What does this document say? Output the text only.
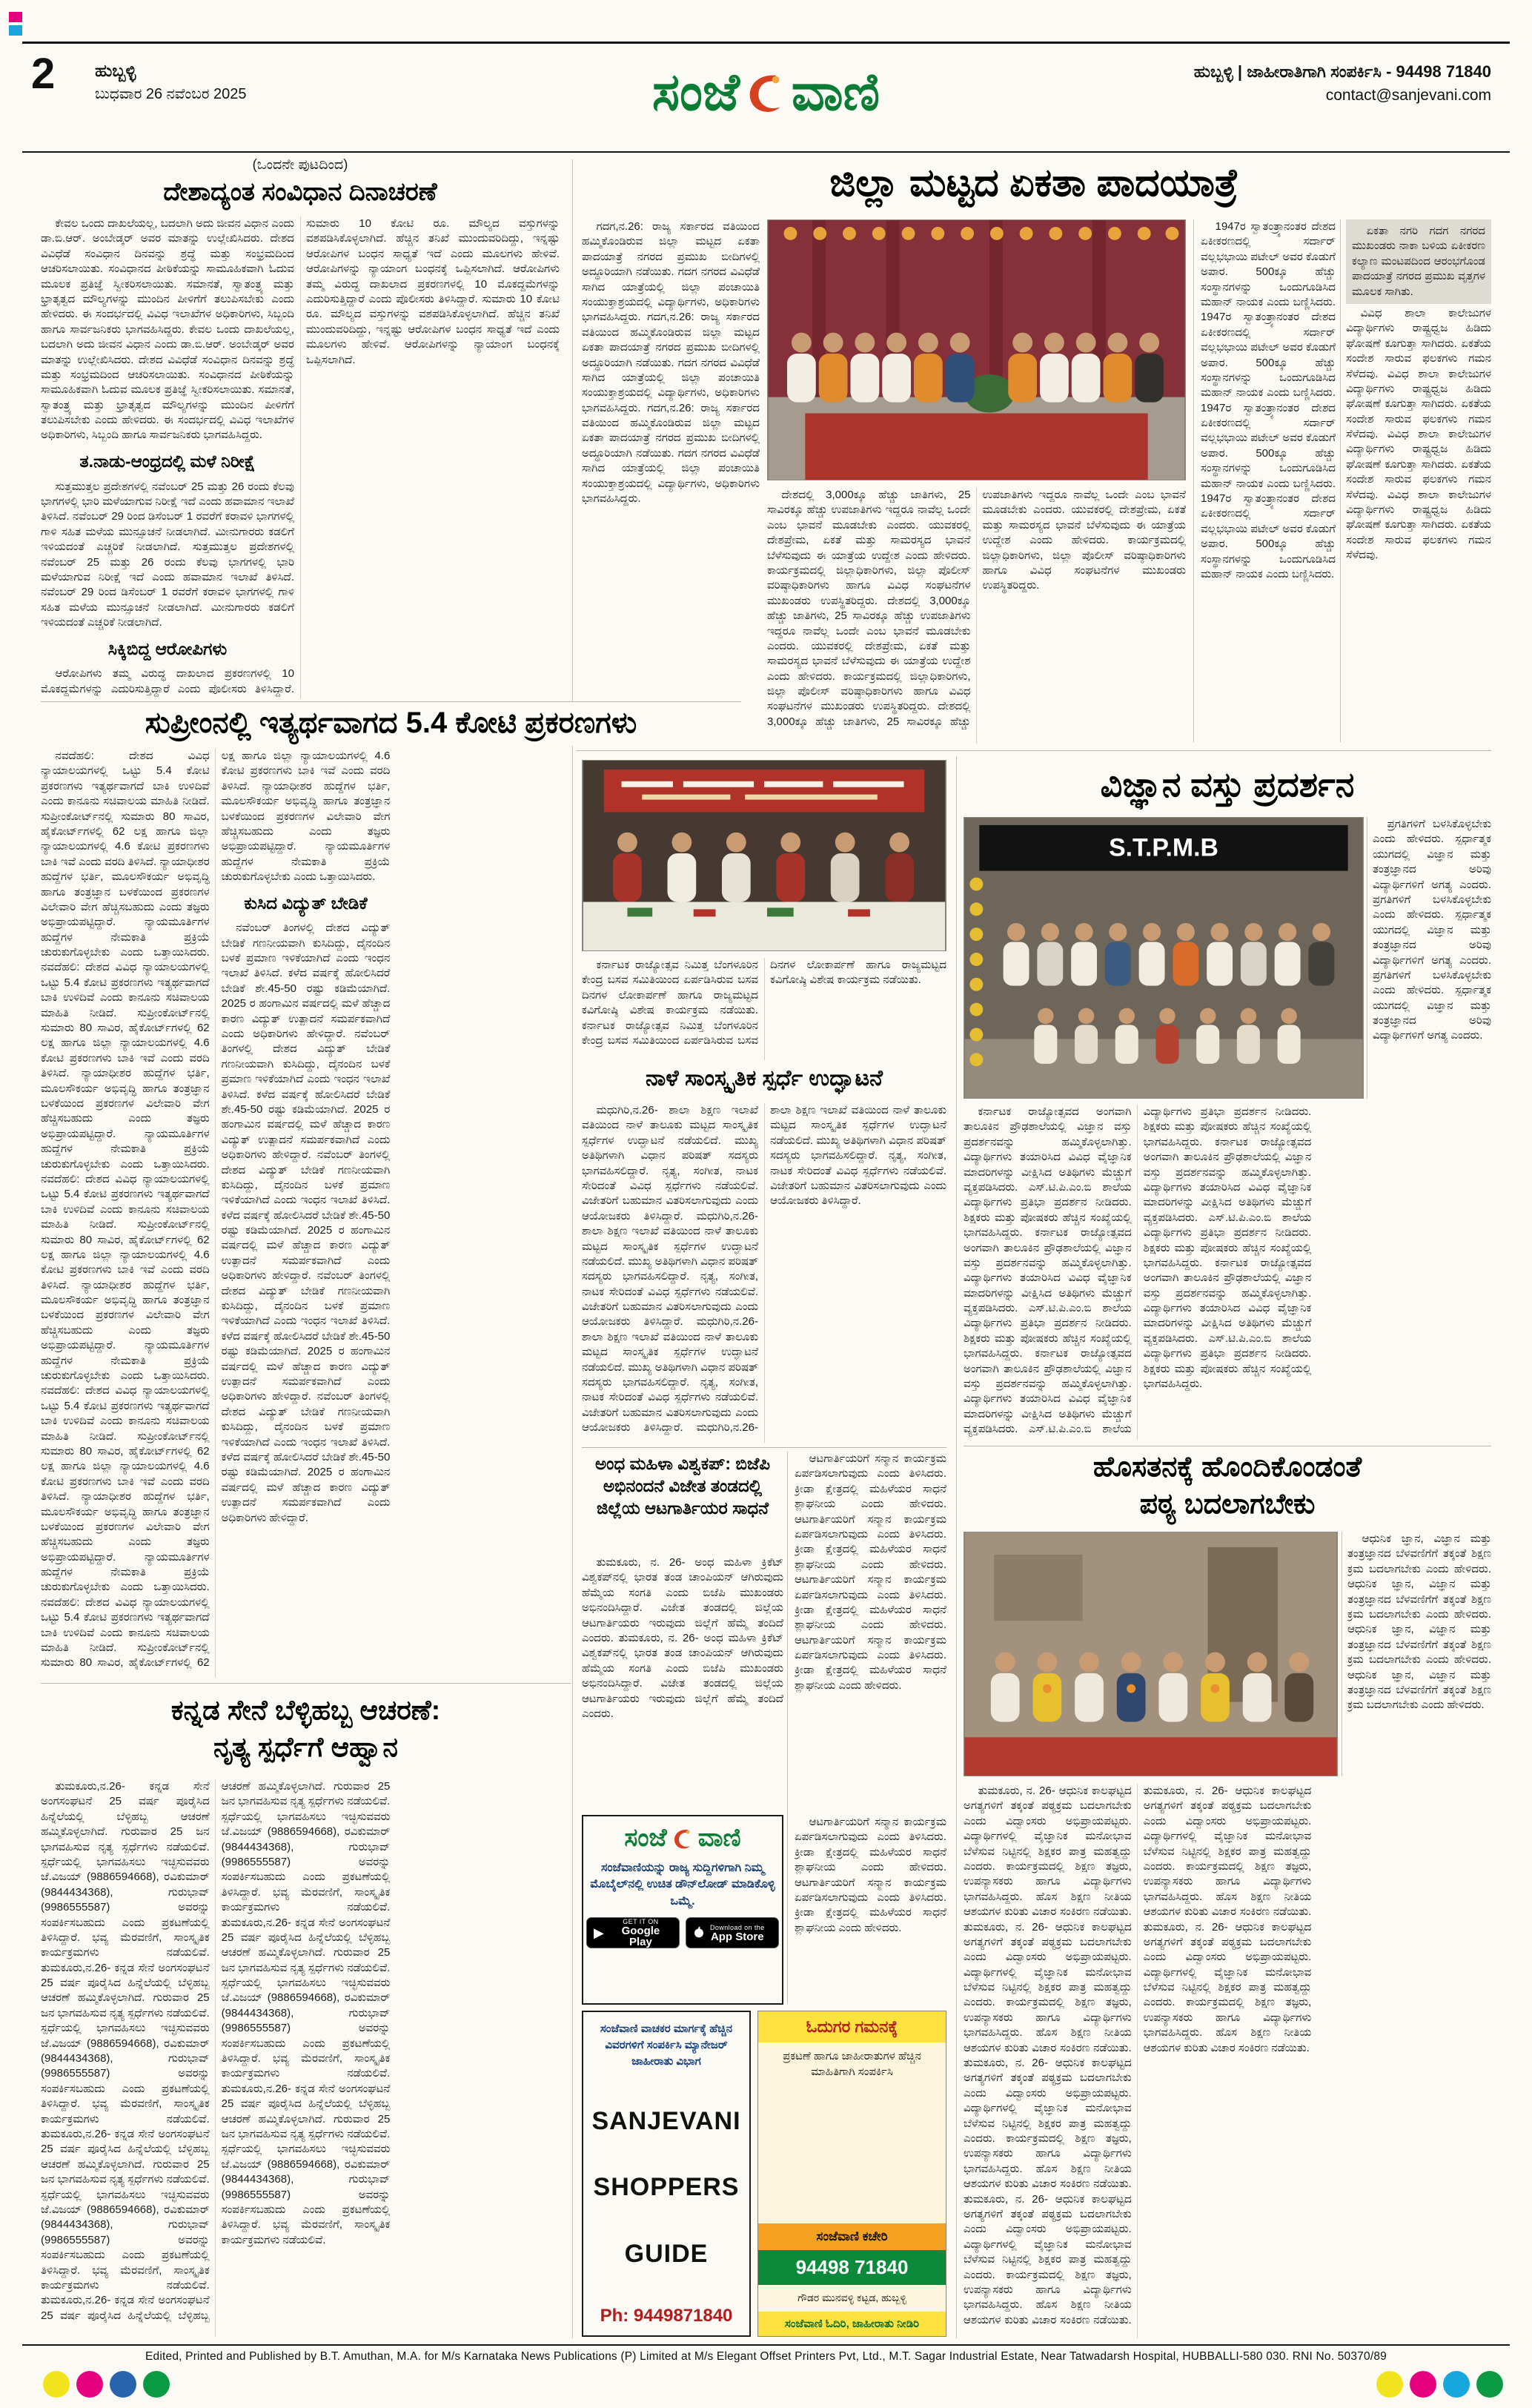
2 ಹುಬ್ಬಳ್ಳಿ
ಬುಧವಾರ 26 ನವೆಂಬರ 2025	ಸಂಜೆ ವಾಣಿ	ಹುಬ್ಬಳ್ಳಿ | ಜಾಹೀರಾತಿಗಾಗಿ ಸಂಪರ್ಕಿಸಿ - 94498 71840
contact@sanjevani.com
(ಒಂದನೇ ಪುಟದಿಂದ)
ದೇಶಾದ್ಯಂತ ಸಂವಿಧಾನ ದಿನಾಚರಣೆ

ಕೇವಲ ಒಂದು ದಾಖಲೆಯಲ್ಲ, ಬದಲಾಗಿ ಅದು ಜೀವನ ವಿಧಾನ ಎಂದು ಡಾ.ಬಿ.ಆರ್. ಅಂಬೇಡ್ಕರ್ ಅವರ ಮಾತನ್ನು ಉಲ್ಲೇಖಿಸಿದರು. ದೇಶದ ವಿವಿಧೆಡೆ ಸಂವಿಧಾನ ದಿನವನ್ನು ಶ್ರದ್ಧೆ ಮತ್ತು ಸಂಭ್ರಮದಿಂದ ಆಚರಿಸಲಾಯಿತು. ಸಂವಿಧಾನದ ಪೀಠಿಕೆಯನ್ನು ಸಾಮೂಹಿಕವಾಗಿ ಓದುವ ಮೂಲಕ ಪ್ರತಿಜ್ಞೆ ಸ್ವೀಕರಿಸಲಾಯಿತು. ಸಮಾನತೆ, ಸ್ವಾತಂತ್ರ್ಯ ಮತ್ತು ಭ್ರಾತೃತ್ವದ ಮೌಲ್ಯಗಳನ್ನು ಮುಂದಿನ ಪೀಳಿಗೆಗೆ ತಲುಪಿಸಬೇಕು ಎಂದು ಹೇಳಿದರು. ಈ ಸಂದರ್ಭದಲ್ಲಿ ವಿವಿಧ ಇಲಾಖೆಗಳ ಅಧಿಕಾರಿಗಳು, ಸಿಬ್ಬಂದಿ ಹಾಗೂ ಸಾರ್ವಜನಿಕರು ಭಾಗವಹಿಸಿದ್ದರು. ಕೇವಲ ಒಂದು ದಾಖಲೆಯಲ್ಲ, ಬದಲಾಗಿ ಅದು ಜೀವನ ವಿಧಾನ ಎಂದು ಡಾ.ಬಿ.ಆರ್. ಅಂಬೇಡ್ಕರ್ ಅವರ ಮಾತನ್ನು ಉಲ್ಲೇಖಿಸಿದರು. ದೇಶದ ವಿವಿಧೆಡೆ ಸಂವಿಧಾನ ದಿನವನ್ನು ಶ್ರದ್ಧೆ ಮತ್ತು ಸಂಭ್ರಮದಿಂದ ಆಚರಿಸಲಾಯಿತು. ಸಂವಿಧಾನದ ಪೀಠಿಕೆಯನ್ನು ಸಾಮೂಹಿಕವಾಗಿ ಓದುವ ಮೂಲಕ ಪ್ರತಿಜ್ಞೆ ಸ್ವೀಕರಿಸಲಾಯಿತು. ಸಮಾನತೆ, ಸ್ವಾತಂತ್ರ್ಯ ಮತ್ತು ಭ್ರಾತೃತ್ವದ ಮೌಲ್ಯಗಳನ್ನು ಮುಂದಿನ ಪೀಳಿಗೆಗೆ ತಲುಪಿಸಬೇಕು ಎಂದು ಹೇಳಿದರು. ಈ ಸಂದರ್ಭದಲ್ಲಿ ವಿವಿಧ ಇಲಾಖೆಗಳ ಅಧಿಕಾರಿಗಳು, ಸಿಬ್ಬಂದಿ ಹಾಗೂ ಸಾರ್ವಜನಿಕರು ಭಾಗವಹಿಸಿದ್ದರು.

ತ.ನಾಡು-ಆಂಧ್ರದಲ್ಲಿ ಮಳೆ ನಿರೀಕ್ಷೆ

ಸುತ್ತಮುತ್ತಲ ಪ್ರದೇಶಗಳಲ್ಲಿ ನವೆಂಬರ್ 25 ಮತ್ತು 26 ರಂದು ಕೆಲವು ಭಾಗಗಳಲ್ಲಿ ಭಾರಿ ಮಳೆಯಾಗುವ ನಿರೀಕ್ಷೆ ಇದೆ ಎಂದು ಹವಾಮಾನ ಇಲಾಖೆ ತಿಳಿಸಿದೆ. ನವೆಂಬರ್ 29 ರಿಂದ ಡಿಸೆಂಬರ್ 1 ರವರೆಗೆ ಕರಾವಳಿ ಭಾಗಗಳಲ್ಲಿ ಗಾಳಿ ಸಹಿತ ಮಳೆಯ ಮುನ್ಸೂಚನೆ ನೀಡಲಾಗಿದೆ. ಮೀನುಗಾರರು ಕಡಲಿಗೆ ಇಳಿಯದಂತೆ ಎಚ್ಚರಿಕೆ ನೀಡಲಾಗಿದೆ. ಸುತ್ತಮುತ್ತಲ ಪ್ರದೇಶಗಳಲ್ಲಿ ನವೆಂಬರ್ 25 ಮತ್ತು 26 ರಂದು ಕೆಲವು ಭಾಗಗಳಲ್ಲಿ ಭಾರಿ ಮಳೆಯಾಗುವ ನಿರೀಕ್ಷೆ ಇದೆ ಎಂದು ಹವಾಮಾನ ಇಲಾಖೆ ತಿಳಿಸಿದೆ. ನವೆಂಬರ್ 29 ರಿಂದ ಡಿಸೆಂಬರ್ 1 ರವರೆಗೆ ಕರಾವಳಿ ಭಾಗಗಳಲ್ಲಿ ಗಾಳಿ ಸಹಿತ ಮಳೆಯ ಮುನ್ಸೂಚನೆ ನೀಡಲಾಗಿದೆ. ಮೀನುಗಾರರು ಕಡಲಿಗೆ ಇಳಿಯದಂತೆ ಎಚ್ಚರಿಕೆ ನೀಡಲಾಗಿದೆ.

ಸಿಕ್ಕಿಬಿದ್ದ ಆರೋಪಿಗಳು

ಆರೋಪಿಗಳು ತಮ್ಮ ವಿರುದ್ಧ ದಾಖಲಾದ ಪ್ರಕರಣಗಳಲ್ಲಿ 10 ಮೊಕದ್ದಮೆಗಳನ್ನು ಎದುರಿಸುತ್ತಿದ್ದಾರೆ ಎಂದು ಪೊಲೀಸರು ತಿಳಿಸಿದ್ದಾರೆ. ಸುಮಾರು 10 ಕೋಟಿ ರೂ. ಮೌಲ್ಯದ ವಸ್ತುಗಳನ್ನು ವಶಪಡಿಸಿಕೊಳ್ಳಲಾಗಿದೆ. ಹೆಚ್ಚಿನ ತನಿಖೆ ಮುಂದುವರಿದಿದ್ದು, ಇನ್ನಷ್ಟು ಆರೋಪಿಗಳ ಬಂಧನ ಸಾಧ್ಯತೆ ಇದೆ ಎಂದು ಮೂಲಗಳು ಹೇಳಿವೆ. ಆರೋಪಿಗಳನ್ನು ನ್ಯಾಯಾಂಗ ಬಂಧನಕ್ಕೆ ಒಪ್ಪಿಸಲಾಗಿದೆ. ಆರೋಪಿಗಳು ತಮ್ಮ ವಿರುದ್ಧ ದಾಖಲಾದ ಪ್ರಕರಣಗಳಲ್ಲಿ 10 ಮೊಕದ್ದಮೆಗಳನ್ನು ಎದುರಿಸುತ್ತಿದ್ದಾರೆ ಎಂದು ಪೊಲೀಸರು ತಿಳಿಸಿದ್ದಾರೆ. ಸುಮಾರು 10 ಕೋಟಿ ರೂ. ಮೌಲ್ಯದ ವಸ್ತುಗಳನ್ನು ವಶಪಡಿಸಿಕೊಳ್ಳಲಾಗಿದೆ. ಹೆಚ್ಚಿನ ತನಿಖೆ ಮುಂದುವರಿದಿದ್ದು, ಇನ್ನಷ್ಟು ಆರೋಪಿಗಳ ಬಂಧನ ಸಾಧ್ಯತೆ ಇದೆ ಎಂದು ಮೂಲಗಳು ಹೇಳಿವೆ. ಆರೋಪಿಗಳನ್ನು ನ್ಯಾಯಾಂಗ ಬಂಧನಕ್ಕೆ ಒಪ್ಪಿಸಲಾಗಿದೆ.

ಸುಪ್ರೀಂನಲ್ಲಿ ಇತ್ಯರ್ಥವಾಗದ 5.4 ಕೋಟಿ ಪ್ರಕರಣಗಳು

ನವದೆಹಲಿ: ದೇಶದ ವಿವಿಧ ನ್ಯಾಯಾಲಯಗಳಲ್ಲಿ ಒಟ್ಟು 5.4 ಕೋಟಿ ಪ್ರಕರಣಗಳು ಇತ್ಯರ್ಥವಾಗದೆ ಬಾಕಿ ಉಳಿದಿವೆ ಎಂದು ಕಾನೂನು ಸಚಿವಾಲಯ ಮಾಹಿತಿ ನೀಡಿದೆ. ಸುಪ್ರೀಂಕೋರ್ಟ್‌ನಲ್ಲಿ ಸುಮಾರು 80 ಸಾವಿರ, ಹೈಕೋರ್ಟ್‌ಗಳಲ್ಲಿ 62 ಲಕ್ಷ ಹಾಗೂ ಜಿಲ್ಲಾ ನ್ಯಾಯಾಲಯಗಳಲ್ಲಿ 4.6 ಕೋಟಿ ಪ್ರಕರಣಗಳು ಬಾಕಿ ಇವೆ ಎಂದು ವರದಿ ತಿಳಿಸಿದೆ. ನ್ಯಾಯಾಧೀಶರ ಹುದ್ದೆಗಳ ಭರ್ತಿ, ಮೂಲಸೌಕರ್ಯ ಅಭಿವೃದ್ಧಿ ಹಾಗೂ ತಂತ್ರಜ್ಞಾನ ಬಳಕೆಯಿಂದ ಪ್ರಕರಣಗಳ ವಿಲೇವಾರಿ ವೇಗ ಹೆಚ್ಚಿಸಬಹುದು ಎಂದು ತಜ್ಞರು ಅಭಿಪ್ರಾಯಪಟ್ಟಿದ್ದಾರೆ. ನ್ಯಾಯಮೂರ್ತಿಗಳ ಹುದ್ದೆಗಳ ನೇಮಕಾತಿ ಪ್ರಕ್ರಿಯೆ ಚುರುಕುಗೊಳ್ಳಬೇಕು ಎಂದು ಒತ್ತಾಯಿಸಿದರು. ನವದೆಹಲಿ: ದೇಶದ ವಿವಿಧ ನ್ಯಾಯಾಲಯಗಳಲ್ಲಿ ಒಟ್ಟು 5.4 ಕೋಟಿ ಪ್ರಕರಣಗಳು ಇತ್ಯರ್ಥವಾಗದೆ ಬಾಕಿ ಉಳಿದಿವೆ ಎಂದು ಕಾನೂನು ಸಚಿವಾಲಯ ಮಾಹಿತಿ ನೀಡಿದೆ. ಸುಪ್ರೀಂಕೋರ್ಟ್‌ನಲ್ಲಿ ಸುಮಾರು 80 ಸಾವಿರ, ಹೈಕೋರ್ಟ್‌ಗಳಲ್ಲಿ 62 ಲಕ್ಷ ಹಾಗೂ ಜಿಲ್ಲಾ ನ್ಯಾಯಾಲಯಗಳಲ್ಲಿ 4.6 ಕೋಟಿ ಪ್ರಕರಣಗಳು ಬಾಕಿ ಇವೆ ಎಂದು ವರದಿ ತಿಳಿಸಿದೆ. ನ್ಯಾಯಾಧೀಶರ ಹುದ್ದೆಗಳ ಭರ್ತಿ, ಮೂಲಸೌಕರ್ಯ ಅಭಿವೃದ್ಧಿ ಹಾಗೂ ತಂತ್ರಜ್ಞಾನ ಬಳಕೆಯಿಂದ ಪ್ರಕರಣಗಳ ವಿಲೇವಾರಿ ವೇಗ ಹೆಚ್ಚಿಸಬಹುದು ಎಂದು ತಜ್ಞರು ಅಭಿಪ್ರಾಯಪಟ್ಟಿದ್ದಾರೆ. ನ್ಯಾಯಮೂರ್ತಿಗಳ ಹುದ್ದೆಗಳ ನೇಮಕಾತಿ ಪ್ರಕ್ರಿಯೆ ಚುರುಕುಗೊಳ್ಳಬೇಕು ಎಂದು ಒತ್ತಾಯಿಸಿದರು. ನವದೆಹಲಿ: ದೇಶದ ವಿವಿಧ ನ್ಯಾಯಾಲಯಗಳಲ್ಲಿ ಒಟ್ಟು 5.4 ಕೋಟಿ ಪ್ರಕರಣಗಳು ಇತ್ಯರ್ಥವಾಗದೆ ಬಾಕಿ ಉಳಿದಿವೆ ಎಂದು ಕಾನೂನು ಸಚಿವಾಲಯ ಮಾಹಿತಿ ನೀಡಿದೆ. ಸುಪ್ರೀಂಕೋರ್ಟ್‌ನಲ್ಲಿ ಸುಮಾರು 80 ಸಾವಿರ, ಹೈಕೋರ್ಟ್‌ಗಳಲ್ಲಿ 62 ಲಕ್ಷ ಹಾಗೂ ಜಿಲ್ಲಾ ನ್ಯಾಯಾಲಯಗಳಲ್ಲಿ 4.6 ಕೋಟಿ ಪ್ರಕರಣಗಳು ಬಾಕಿ ಇವೆ ಎಂದು ವರದಿ ತಿಳಿಸಿದೆ. ನ್ಯಾಯಾಧೀಶರ ಹುದ್ದೆಗಳ ಭರ್ತಿ, ಮೂಲಸೌಕರ್ಯ ಅಭಿವೃದ್ಧಿ ಹಾಗೂ ತಂತ್ರಜ್ಞಾನ ಬಳಕೆಯಿಂದ ಪ್ರಕರಣಗಳ ವಿಲೇವಾರಿ ವೇಗ ಹೆಚ್ಚಿಸಬಹುದು ಎಂದು ತಜ್ಞರು ಅಭಿಪ್ರಾಯಪಟ್ಟಿದ್ದಾರೆ. ನ್ಯಾಯಮೂರ್ತಿಗಳ ಹುದ್ದೆಗಳ ನೇಮಕಾತಿ ಪ್ರಕ್ರಿಯೆ ಚುರುಕುಗೊಳ್ಳಬೇಕು ಎಂದು ಒತ್ತಾಯಿಸಿದರು. ನವದೆಹಲಿ: ದೇಶದ ವಿವಿಧ ನ್ಯಾಯಾಲಯಗಳಲ್ಲಿ ಒಟ್ಟು 5.4 ಕೋಟಿ ಪ್ರಕರಣಗಳು ಇತ್ಯರ್ಥವಾಗದೆ ಬಾಕಿ ಉಳಿದಿವೆ ಎಂದು ಕಾನೂನು ಸಚಿವಾಲಯ ಮಾಹಿತಿ ನೀಡಿದೆ. ಸುಪ್ರೀಂಕೋರ್ಟ್‌ನಲ್ಲಿ ಸುಮಾರು 80 ಸಾವಿರ, ಹೈಕೋರ್ಟ್‌ಗಳಲ್ಲಿ 62 ಲಕ್ಷ ಹಾಗೂ ಜಿಲ್ಲಾ ನ್ಯಾಯಾಲಯಗಳಲ್ಲಿ 4.6 ಕೋಟಿ ಪ್ರಕರಣಗಳು ಬಾಕಿ ಇವೆ ಎಂದು ವರದಿ ತಿಳಿಸಿದೆ. ನ್ಯಾಯಾಧೀಶರ ಹುದ್ದೆಗಳ ಭರ್ತಿ, ಮೂಲಸೌಕರ್ಯ ಅಭಿವೃದ್ಧಿ ಹಾಗೂ ತಂತ್ರಜ್ಞಾನ ಬಳಕೆಯಿಂದ ಪ್ರಕರಣಗಳ ವಿಲೇವಾರಿ ವೇಗ ಹೆಚ್ಚಿಸಬಹುದು ಎಂದು ತಜ್ಞರು ಅಭಿಪ್ರಾಯಪಟ್ಟಿದ್ದಾರೆ. ನ್ಯಾಯಮೂರ್ತಿಗಳ ಹುದ್ದೆಗಳ ನೇಮಕಾತಿ ಪ್ರಕ್ರಿಯೆ ಚುರುಕುಗೊಳ್ಳಬೇಕು ಎಂದು ಒತ್ತಾಯಿಸಿದರು. ನವದೆಹಲಿ: ದೇಶದ ವಿವಿಧ ನ್ಯಾಯಾಲಯಗಳಲ್ಲಿ ಒಟ್ಟು 5.4 ಕೋಟಿ ಪ್ರಕರಣಗಳು ಇತ್ಯರ್ಥವಾಗದೆ ಬಾಕಿ ಉಳಿದಿವೆ ಎಂದು ಕಾನೂನು ಸಚಿವಾಲಯ ಮಾಹಿತಿ ನೀಡಿದೆ. ಸುಪ್ರೀಂಕೋರ್ಟ್‌ನಲ್ಲಿ ಸುಮಾರು 80 ಸಾವಿರ, ಹೈಕೋರ್ಟ್‌ಗಳಲ್ಲಿ 62 ಲಕ್ಷ ಹಾಗೂ ಜಿಲ್ಲಾ ನ್ಯಾಯಾಲಯಗಳಲ್ಲಿ 4.6 ಕೋಟಿ ಪ್ರಕರಣಗಳು ಬಾಕಿ ಇವೆ ಎಂದು ವರದಿ ತಿಳಿಸಿದೆ. ನ್ಯಾಯಾಧೀಶರ ಹುದ್ದೆಗಳ ಭರ್ತಿ, ಮೂಲಸೌಕರ್ಯ ಅಭಿವೃದ್ಧಿ ಹಾಗೂ ತಂತ್ರಜ್ಞಾನ ಬಳಕೆಯಿಂದ ಪ್ರಕರಣಗಳ ವಿಲೇವಾರಿ ವೇಗ ಹೆಚ್ಚಿಸಬಹುದು ಎಂದು ತಜ್ಞರು ಅಭಿಪ್ರಾಯಪಟ್ಟಿದ್ದಾರೆ. ನ್ಯಾಯಮೂರ್ತಿಗಳ ಹುದ್ದೆಗಳ ನೇಮಕಾತಿ ಪ್ರಕ್ರಿಯೆ ಚುರುಕುಗೊಳ್ಳಬೇಕು ಎಂದು ಒತ್ತಾಯಿಸಿದರು.

ಕುಸಿದ ವಿದ್ಯುತ್ ಬೇಡಿಕೆ

ನವೆಂಬರ್ ತಿಂಗಳಲ್ಲಿ ದೇಶದ ವಿದ್ಯುತ್ ಬೇಡಿಕೆ ಗಣನೀಯವಾಗಿ ಕುಸಿದಿದ್ದು, ದೈನಂದಿನ ಬಳಕೆ ಪ್ರಮಾಣ ಇಳಿಕೆಯಾಗಿದೆ ಎಂದು ಇಂಧನ ಇಲಾಖೆ ತಿಳಿಸಿದೆ. ಕಳೆದ ವರ್ಷಕ್ಕೆ ಹೋಲಿಸಿದರೆ ಬೇಡಿಕೆ ಶೇ.45-50 ರಷ್ಟು ಕಡಿಮೆಯಾಗಿದೆ. 2025 ರ ಹಂಗಾಮಿನ ವರ್ಷದಲ್ಲಿ ಮಳೆ ಹೆಚ್ಚಾದ ಕಾರಣ ವಿದ್ಯುತ್ ಉತ್ಪಾದನೆ ಸಮರ್ಪಕವಾಗಿದೆ ಎಂದು ಅಧಿಕಾರಿಗಳು ಹೇಳಿದ್ದಾರೆ. ನವೆಂಬರ್ ತಿಂಗಳಲ್ಲಿ ದೇಶದ ವಿದ್ಯುತ್ ಬೇಡಿಕೆ ಗಣನೀಯವಾಗಿ ಕುಸಿದಿದ್ದು, ದೈನಂದಿನ ಬಳಕೆ ಪ್ರಮಾಣ ಇಳಿಕೆಯಾಗಿದೆ ಎಂದು ಇಂಧನ ಇಲಾಖೆ ತಿಳಿಸಿದೆ. ಕಳೆದ ವರ್ಷಕ್ಕೆ ಹೋಲಿಸಿದರೆ ಬೇಡಿಕೆ ಶೇ.45-50 ರಷ್ಟು ಕಡಿಮೆಯಾಗಿದೆ. 2025 ರ ಹಂಗಾಮಿನ ವರ್ಷದಲ್ಲಿ ಮಳೆ ಹೆಚ್ಚಾದ ಕಾರಣ ವಿದ್ಯುತ್ ಉತ್ಪಾದನೆ ಸಮರ್ಪಕವಾಗಿದೆ ಎಂದು ಅಧಿಕಾರಿಗಳು ಹೇಳಿದ್ದಾರೆ. ನವೆಂಬರ್ ತಿಂಗಳಲ್ಲಿ ದೇಶದ ವಿದ್ಯುತ್ ಬೇಡಿಕೆ ಗಣನೀಯವಾಗಿ ಕುಸಿದಿದ್ದು, ದೈನಂದಿನ ಬಳಕೆ ಪ್ರಮಾಣ ಇಳಿಕೆಯಾಗಿದೆ ಎಂದು ಇಂಧನ ಇಲಾಖೆ ತಿಳಿಸಿದೆ. ಕಳೆದ ವರ್ಷಕ್ಕೆ ಹೋಲಿಸಿದರೆ ಬೇಡಿಕೆ ಶೇ.45-50 ರಷ್ಟು ಕಡಿಮೆಯಾಗಿದೆ. 2025 ರ ಹಂಗಾಮಿನ ವರ್ಷದಲ್ಲಿ ಮಳೆ ಹೆಚ್ಚಾದ ಕಾರಣ ವಿದ್ಯುತ್ ಉತ್ಪಾದನೆ ಸಮರ್ಪಕವಾಗಿದೆ ಎಂದು ಅಧಿಕಾರಿಗಳು ಹೇಳಿದ್ದಾರೆ. ನವೆಂಬರ್ ತಿಂಗಳಲ್ಲಿ ದೇಶದ ವಿದ್ಯುತ್ ಬೇಡಿಕೆ ಗಣನೀಯವಾಗಿ ಕುಸಿದಿದ್ದು, ದೈನಂದಿನ ಬಳಕೆ ಪ್ರಮಾಣ ಇಳಿಕೆಯಾಗಿದೆ ಎಂದು ಇಂಧನ ಇಲಾಖೆ ತಿಳಿಸಿದೆ. ಕಳೆದ ವರ್ಷಕ್ಕೆ ಹೋಲಿಸಿದರೆ ಬೇಡಿಕೆ ಶೇ.45-50 ರಷ್ಟು ಕಡಿಮೆಯಾಗಿದೆ. 2025 ರ ಹಂಗಾಮಿನ ವರ್ಷದಲ್ಲಿ ಮಳೆ ಹೆಚ್ಚಾದ ಕಾರಣ ವಿದ್ಯುತ್ ಉತ್ಪಾದನೆ ಸಮರ್ಪಕವಾಗಿದೆ ಎಂದು ಅಧಿಕಾರಿಗಳು ಹೇಳಿದ್ದಾರೆ. ನವೆಂಬರ್ ತಿಂಗಳಲ್ಲಿ ದೇಶದ ವಿದ್ಯುತ್ ಬೇಡಿಕೆ ಗಣನೀಯವಾಗಿ ಕುಸಿದಿದ್ದು, ದೈನಂದಿನ ಬಳಕೆ ಪ್ರಮಾಣ ಇಳಿಕೆಯಾಗಿದೆ ಎಂದು ಇಂಧನ ಇಲಾಖೆ ತಿಳಿಸಿದೆ. ಕಳೆದ ವರ್ಷಕ್ಕೆ ಹೋಲಿಸಿದರೆ ಬೇಡಿಕೆ ಶೇ.45-50 ರಷ್ಟು ಕಡಿಮೆಯಾಗಿದೆ. 2025 ರ ಹಂಗಾಮಿನ ವರ್ಷದಲ್ಲಿ ಮಳೆ ಹೆಚ್ಚಾದ ಕಾರಣ ವಿದ್ಯುತ್ ಉತ್ಪಾದನೆ ಸಮರ್ಪಕವಾಗಿದೆ ಎಂದು ಅಧಿಕಾರಿಗಳು ಹೇಳಿದ್ದಾರೆ.

ಕನ್ನಡ ಸೇನೆ ಬೆಳ್ಳಿಹಬ್ಬ ಆಚರಣೆ:
ನೃತ್ಯ ಸ್ಪರ್ಧೆಗೆ ಆಹ್ವಾನ

ತುಮಕೂರು,ನ.26- ಕನ್ನಡ ಸೇನೆ ಅಂಗಸಂಘಟನೆ 25 ವರ್ಷ ಪೂರೈಸಿದ ಹಿನ್ನೆಲೆಯಲ್ಲಿ ಬೆಳ್ಳಿಹಬ್ಬ ಆಚರಣೆ ಹಮ್ಮಿಕೊಳ್ಳಲಾಗಿದೆ. ಗುರುವಾರ 25 ಜನ ಭಾಗವಹಿಸುವ ನೃತ್ಯ ಸ್ಪರ್ಧೆಗಳು ನಡೆಯಲಿವೆ. ಸ್ಪರ್ಧೆಯಲ್ಲಿ ಭಾಗವಹಿಸಲು ಇಚ್ಛಿಸುವವರು ಜೆ.ವಿಜಯ್ (9886594668), ರವಿಕುಮಾರ್ (9844434368), ಗುರುಭಾವ್ (9986555587) ಅವರನ್ನು ಸಂಪರ್ಕಿಸಬಹುದು ಎಂದು ಪ್ರಕಟಣೆಯಲ್ಲಿ ತಿಳಿಸಿದ್ದಾರೆ. ಭವ್ಯ ಮೆರವಣಿಗೆ, ಸಾಂಸ್ಕೃತಿಕ ಕಾರ್ಯಕ್ರಮಗಳು ನಡೆಯಲಿವೆ. ತುಮಕೂರು,ನ.26- ಕನ್ನಡ ಸೇನೆ ಅಂಗಸಂಘಟನೆ 25 ವರ್ಷ ಪೂರೈಸಿದ ಹಿನ್ನೆಲೆಯಲ್ಲಿ ಬೆಳ್ಳಿಹಬ್ಬ ಆಚರಣೆ ಹಮ್ಮಿಕೊಳ್ಳಲಾಗಿದೆ. ಗುರುವಾರ 25 ಜನ ಭಾಗವಹಿಸುವ ನೃತ್ಯ ಸ್ಪರ್ಧೆಗಳು ನಡೆಯಲಿವೆ. ಸ್ಪರ್ಧೆಯಲ್ಲಿ ಭಾಗವಹಿಸಲು ಇಚ್ಛಿಸುವವರು ಜೆ.ವಿಜಯ್ (9886594668), ರವಿಕುಮಾರ್ (9844434368), ಗುರುಭಾವ್ (9986555587) ಅವರನ್ನು ಸಂಪರ್ಕಿಸಬಹುದು ಎಂದು ಪ್ರಕಟಣೆಯಲ್ಲಿ ತಿಳಿಸಿದ್ದಾರೆ. ಭವ್ಯ ಮೆರವಣಿಗೆ, ಸಾಂಸ್ಕೃತಿಕ ಕಾರ್ಯಕ್ರಮಗಳು ನಡೆಯಲಿವೆ. ತುಮಕೂರು,ನ.26- ಕನ್ನಡ ಸೇನೆ ಅಂಗಸಂಘಟನೆ 25 ವರ್ಷ ಪೂರೈಸಿದ ಹಿನ್ನೆಲೆಯಲ್ಲಿ ಬೆಳ್ಳಿಹಬ್ಬ ಆಚರಣೆ ಹಮ್ಮಿಕೊಳ್ಳಲಾಗಿದೆ. ಗುರುವಾರ 25 ಜನ ಭಾಗವಹಿಸುವ ನೃತ್ಯ ಸ್ಪರ್ಧೆಗಳು ನಡೆಯಲಿವೆ. ಸ್ಪರ್ಧೆಯಲ್ಲಿ ಭಾಗವಹಿಸಲು ಇಚ್ಛಿಸುವವರು ಜೆ.ವಿಜಯ್ (9886594668), ರವಿಕುಮಾರ್ (9844434368), ಗುರುಭಾವ್ (9986555587) ಅವರನ್ನು ಸಂಪರ್ಕಿಸಬಹುದು ಎಂದು ಪ್ರಕಟಣೆಯಲ್ಲಿ ತಿಳಿಸಿದ್ದಾರೆ. ಭವ್ಯ ಮೆರವಣಿಗೆ, ಸಾಂಸ್ಕೃತಿಕ ಕಾರ್ಯಕ್ರಮಗಳು ನಡೆಯಲಿವೆ. ತುಮಕೂರು,ನ.26- ಕನ್ನಡ ಸೇನೆ ಅಂಗಸಂಘಟನೆ 25 ವರ್ಷ ಪೂರೈಸಿದ ಹಿನ್ನೆಲೆಯಲ್ಲಿ ಬೆಳ್ಳಿಹಬ್ಬ ಆಚರಣೆ ಹಮ್ಮಿಕೊಳ್ಳಲಾಗಿದೆ. ಗುರುವಾರ 25 ಜನ ಭಾಗವಹಿಸುವ ನೃತ್ಯ ಸ್ಪರ್ಧೆಗಳು ನಡೆಯಲಿವೆ. ಸ್ಪರ್ಧೆಯಲ್ಲಿ ಭಾಗವಹಿಸಲು ಇಚ್ಛಿಸುವವರು ಜೆ.ವಿಜಯ್ (9886594668), ರವಿಕುಮಾರ್ (9844434368), ಗುರುಭಾವ್ (9986555587) ಅವರನ್ನು ಸಂಪರ್ಕಿಸಬಹುದು ಎಂದು ಪ್ರಕಟಣೆಯಲ್ಲಿ ತಿಳಿಸಿದ್ದಾರೆ. ಭವ್ಯ ಮೆರವಣಿಗೆ, ಸಾಂಸ್ಕೃತಿಕ ಕಾರ್ಯಕ್ರಮಗಳು ನಡೆಯಲಿವೆ. ತುಮಕೂರು,ನ.26- ಕನ್ನಡ ಸೇನೆ ಅಂಗಸಂಘಟನೆ 25 ವರ್ಷ ಪೂರೈಸಿದ ಹಿನ್ನೆಲೆಯಲ್ಲಿ ಬೆಳ್ಳಿಹಬ್ಬ ಆಚರಣೆ ಹಮ್ಮಿಕೊಳ್ಳಲಾಗಿದೆ. ಗುರುವಾರ 25 ಜನ ಭಾಗವಹಿಸುವ ನೃತ್ಯ ಸ್ಪರ್ಧೆಗಳು ನಡೆಯಲಿವೆ. ಸ್ಪರ್ಧೆಯಲ್ಲಿ ಭಾಗವಹಿಸಲು ಇಚ್ಛಿಸುವವರು ಜೆ.ವಿಜಯ್ (9886594668), ರವಿಕುಮಾರ್ (9844434368), ಗುರುಭಾವ್ (9986555587) ಅವರನ್ನು ಸಂಪರ್ಕಿಸಬಹುದು ಎಂದು ಪ್ರಕಟಣೆಯಲ್ಲಿ ತಿಳಿಸಿದ್ದಾರೆ. ಭವ್ಯ ಮೆರವಣಿಗೆ, ಸಾಂಸ್ಕೃತಿಕ ಕಾರ್ಯಕ್ರಮಗಳು ನಡೆಯಲಿವೆ. ತುಮಕೂರು,ನ.26- ಕನ್ನಡ ಸೇನೆ ಅಂಗಸಂಘಟನೆ 25 ವರ್ಷ ಪೂರೈಸಿದ ಹಿನ್ನೆಲೆಯಲ್ಲಿ ಬೆಳ್ಳಿಹಬ್ಬ ಆಚರಣೆ ಹಮ್ಮಿಕೊಳ್ಳಲಾಗಿದೆ. ಗುರುವಾರ 25 ಜನ ಭಾಗವಹಿಸುವ ನೃತ್ಯ ಸ್ಪರ್ಧೆಗಳು ನಡೆಯಲಿವೆ. ಸ್ಪರ್ಧೆಯಲ್ಲಿ ಭಾಗವಹಿಸಲು ಇಚ್ಛಿಸುವವರು ಜೆ.ವಿಜಯ್ (9886594668), ರವಿಕುಮಾರ್ (9844434368), ಗುರುಭಾವ್ (9986555587) ಅವರನ್ನು ಸಂಪರ್ಕಿಸಬಹುದು ಎಂದು ಪ್ರಕಟಣೆಯಲ್ಲಿ ತಿಳಿಸಿದ್ದಾರೆ. ಭವ್ಯ ಮೆರವಣಿಗೆ, ಸಾಂಸ್ಕೃತಿಕ ಕಾರ್ಯಕ್ರಮಗಳು ನಡೆಯಲಿವೆ.

ಜಿಲ್ಲಾ ಮಟ್ಟದ ಏಕತಾ ಪಾದಯಾತ್ರೆ

ಗದಗ,ನ.26: ರಾಜ್ಯ ಸರ್ಕಾರದ ವತಿಯಿಂದ ಹಮ್ಮಿಕೊಂಡಿರುವ ಜಿಲ್ಲಾ ಮಟ್ಟದ ಏಕತಾ ಪಾದಯಾತ್ರೆ ನಗರದ ಪ್ರಮುಖ ಬೀದಿಗಳಲ್ಲಿ ಅದ್ಧೂರಿಯಾಗಿ ನಡೆಯಿತು. ಗದಗ ನಗರದ ವಿವಿಧೆಡೆ ಸಾಗಿದ ಯಾತ್ರೆಯಲ್ಲಿ ಜಿಲ್ಲಾ ಪಂಚಾಯಿತಿ ಸಂಯುಕ್ತಾಶ್ರಯದಲ್ಲಿ ವಿದ್ಯಾರ್ಥಿಗಳು, ಅಧಿಕಾರಿಗಳು ಭಾಗವಹಿಸಿದ್ದರು. ಗದಗ,ನ.26: ರಾಜ್ಯ ಸರ್ಕಾರದ ವತಿಯಿಂದ ಹಮ್ಮಿಕೊಂಡಿರುವ ಜಿಲ್ಲಾ ಮಟ್ಟದ ಏಕತಾ ಪಾದಯಾತ್ರೆ ನಗರದ ಪ್ರಮುಖ ಬೀದಿಗಳಲ್ಲಿ ಅದ್ಧೂರಿಯಾಗಿ ನಡೆಯಿತು. ಗದಗ ನಗರದ ವಿವಿಧೆಡೆ ಸಾಗಿದ ಯಾತ್ರೆಯಲ್ಲಿ ಜಿಲ್ಲಾ ಪಂಚಾಯಿತಿ ಸಂಯುಕ್ತಾಶ್ರಯದಲ್ಲಿ ವಿದ್ಯಾರ್ಥಿಗಳು, ಅಧಿಕಾರಿಗಳು ಭಾಗವಹಿಸಿದ್ದರು. ಗದಗ,ನ.26: ರಾಜ್ಯ ಸರ್ಕಾರದ ವತಿಯಿಂದ ಹಮ್ಮಿಕೊಂಡಿರುವ ಜಿಲ್ಲಾ ಮಟ್ಟದ ಏಕತಾ ಪಾದಯಾತ್ರೆ ನಗರದ ಪ್ರಮುಖ ಬೀದಿಗಳಲ್ಲಿ ಅದ್ಧೂರಿಯಾಗಿ ನಡೆಯಿತು. ಗದಗ ನಗರದ ವಿವಿಧೆಡೆ ಸಾಗಿದ ಯಾತ್ರೆಯಲ್ಲಿ ಜಿಲ್ಲಾ ಪಂಚಾಯಿತಿ ಸಂಯುಕ್ತಾಶ್ರಯದಲ್ಲಿ ವಿದ್ಯಾರ್ಥಿಗಳು, ಅಧಿಕಾರಿಗಳು ಭಾಗವಹಿಸಿದ್ದರು.

1947ರ ಸ್ವಾತಂತ್ರ್ಯಾನಂತರ ದೇಶದ ಏಕೀಕರಣದಲ್ಲಿ ಸರ್ದಾರ್ ವಲ್ಲಭಭಾಯಿ ಪಟೇಲ್ ಅವರ ಕೊಡುಗೆ ಅಪಾರ. 500ಕ್ಕೂ ಹೆಚ್ಚು ಸಂಸ್ಥಾನಗಳನ್ನು ಒಂದುಗೂಡಿಸಿದ ಮಹಾನ್ ನಾಯಕ ಎಂದು ಬಣ್ಣಿಸಿದರು. 1947ರ ಸ್ವಾತಂತ್ರ್ಯಾನಂತರ ದೇಶದ ಏಕೀಕರಣದಲ್ಲಿ ಸರ್ದಾರ್ ವಲ್ಲಭಭಾಯಿ ಪಟೇಲ್ ಅವರ ಕೊಡುಗೆ ಅಪಾರ. 500ಕ್ಕೂ ಹೆಚ್ಚು ಸಂಸ್ಥಾನಗಳನ್ನು ಒಂದುಗೂಡಿಸಿದ ಮಹಾನ್ ನಾಯಕ ಎಂದು ಬಣ್ಣಿಸಿದರು. 1947ರ ಸ್ವಾತಂತ್ರ್ಯಾನಂತರ ದೇಶದ ಏಕೀಕರಣದಲ್ಲಿ ಸರ್ದಾರ್ ವಲ್ಲಭಭಾಯಿ ಪಟೇಲ್ ಅವರ ಕೊಡುಗೆ ಅಪಾರ. 500ಕ್ಕೂ ಹೆಚ್ಚು ಸಂಸ್ಥಾನಗಳನ್ನು ಒಂದುಗೂಡಿಸಿದ ಮಹಾನ್ ನಾಯಕ ಎಂದು ಬಣ್ಣಿಸಿದರು. 1947ರ ಸ್ವಾತಂತ್ರ್ಯಾನಂತರ ದೇಶದ ಏಕೀಕರಣದಲ್ಲಿ ಸರ್ದಾರ್ ವಲ್ಲಭಭಾಯಿ ಪಟೇಲ್ ಅವರ ಕೊಡುಗೆ ಅಪಾರ. 500ಕ್ಕೂ ಹೆಚ್ಚು ಸಂಸ್ಥಾನಗಳನ್ನು ಒಂದುಗೂಡಿಸಿದ ಮಹಾನ್ ನಾಯಕ ಎಂದು ಬಣ್ಣಿಸಿದರು.

ಏಕತಾ ನಗರಿ ಗದಗ ನಗರದ ಮುಖಂಡರು ನಾಕಾ ಬಳಿಯ ಏಕೀಕರಣ ಕಲ್ಯಾಣ ಮಂಟಪದಿಂದ ಆರಂಭಗೊಂಡ ಪಾದಯಾತ್ರೆ ನಗರದ ಪ್ರಮುಖ ವೃತ್ತಗಳ ಮೂಲಕ ಸಾಗಿತು.

ವಿವಿಧ ಶಾಲಾ ಕಾಲೇಜುಗಳ ವಿದ್ಯಾರ್ಥಿಗಳು ರಾಷ್ಟ್ರಧ್ವಜ ಹಿಡಿದು ಘೋಷಣೆ ಕೂಗುತ್ತಾ ಸಾಗಿದರು. ಏಕತೆಯ ಸಂದೇಶ ಸಾರುವ ಫಲಕಗಳು ಗಮನ ಸೆಳೆದವು. ವಿವಿಧ ಶಾಲಾ ಕಾಲೇಜುಗಳ ವಿದ್ಯಾರ್ಥಿಗಳು ರಾಷ್ಟ್ರಧ್ವಜ ಹಿಡಿದು ಘೋಷಣೆ ಕೂಗುತ್ತಾ ಸಾಗಿದರು. ಏಕತೆಯ ಸಂದೇಶ ಸಾರುವ ಫಲಕಗಳು ಗಮನ ಸೆಳೆದವು. ವಿವಿಧ ಶಾಲಾ ಕಾಲೇಜುಗಳ ವಿದ್ಯಾರ್ಥಿಗಳು ರಾಷ್ಟ್ರಧ್ವಜ ಹಿಡಿದು ಘೋಷಣೆ ಕೂಗುತ್ತಾ ಸಾಗಿದರು. ಏಕತೆಯ ಸಂದೇಶ ಸಾರುವ ಫಲಕಗಳು ಗಮನ ಸೆಳೆದವು. ವಿವಿಧ ಶಾಲಾ ಕಾಲೇಜುಗಳ ವಿದ್ಯಾರ್ಥಿಗಳು ರಾಷ್ಟ್ರಧ್ವಜ ಹಿಡಿದು ಘೋಷಣೆ ಕೂಗುತ್ತಾ ಸಾಗಿದರು. ಏಕತೆಯ ಸಂದೇಶ ಸಾರುವ ಫಲಕಗಳು ಗಮನ ಸೆಳೆದವು.

ದೇಶದಲ್ಲಿ 3,000ಕ್ಕೂ ಹೆಚ್ಚು ಜಾತಿಗಳು, 25 ಸಾವಿರಕ್ಕೂ ಹೆಚ್ಚು ಉಪಜಾತಿಗಳು ಇದ್ದರೂ ನಾವೆಲ್ಲ ಒಂದೇ ಎಂಬ ಭಾವನೆ ಮೂಡಬೇಕು ಎಂದರು. ಯುವಕರಲ್ಲಿ ದೇಶಪ್ರೇಮ, ಏಕತೆ ಮತ್ತು ಸಾಮರಸ್ಯದ ಭಾವನೆ ಬೆಳೆಸುವುದು ಈ ಯಾತ್ರೆಯ ಉದ್ದೇಶ ಎಂದು ಹೇಳಿದರು. ಕಾರ್ಯಕ್ರಮದಲ್ಲಿ ಜಿಲ್ಲಾಧಿಕಾರಿಗಳು, ಜಿಲ್ಲಾ ಪೊಲೀಸ್ ವರಿಷ್ಠಾಧಿಕಾರಿಗಳು ಹಾಗೂ ವಿವಿಧ ಸಂಘಟನೆಗಳ ಮುಖಂಡರು ಉಪಸ್ಥಿತರಿದ್ದರು. ದೇಶದಲ್ಲಿ 3,000ಕ್ಕೂ ಹೆಚ್ಚು ಜಾತಿಗಳು, 25 ಸಾವಿರಕ್ಕೂ ಹೆಚ್ಚು ಉಪಜಾತಿಗಳು ಇದ್ದರೂ ನಾವೆಲ್ಲ ಒಂದೇ ಎಂಬ ಭಾವನೆ ಮೂಡಬೇಕು ಎಂದರು. ಯುವಕರಲ್ಲಿ ದೇಶಪ್ರೇಮ, ಏಕತೆ ಮತ್ತು ಸಾಮರಸ್ಯದ ಭಾವನೆ ಬೆಳೆಸುವುದು ಈ ಯಾತ್ರೆಯ ಉದ್ದೇಶ ಎಂದು ಹೇಳಿದರು. ಕಾರ್ಯಕ್ರಮದಲ್ಲಿ ಜಿಲ್ಲಾಧಿಕಾರಿಗಳು, ಜಿಲ್ಲಾ ಪೊಲೀಸ್ ವರಿಷ್ಠಾಧಿಕಾರಿಗಳು ಹಾಗೂ ವಿವಿಧ ಸಂಘಟನೆಗಳ ಮುಖಂಡರು ಉಪಸ್ಥಿತರಿದ್ದರು. ದೇಶದಲ್ಲಿ 3,000ಕ್ಕೂ ಹೆಚ್ಚು ಜಾತಿಗಳು, 25 ಸಾವಿರಕ್ಕೂ ಹೆಚ್ಚು ಉಪಜಾತಿಗಳು ಇದ್ದರೂ ನಾವೆಲ್ಲ ಒಂದೇ ಎಂಬ ಭಾವನೆ ಮೂಡಬೇಕು ಎಂದರು. ಯುವಕರಲ್ಲಿ ದೇಶಪ್ರೇಮ, ಏಕತೆ ಮತ್ತು ಸಾಮರಸ್ಯದ ಭಾವನೆ ಬೆಳೆಸುವುದು ಈ ಯಾತ್ರೆಯ ಉದ್ದೇಶ ಎಂದು ಹೇಳಿದರು. ಕಾರ್ಯಕ್ರಮದಲ್ಲಿ ಜಿಲ್ಲಾಧಿಕಾರಿಗಳು, ಜಿಲ್ಲಾ ಪೊಲೀಸ್ ವರಿಷ್ಠಾಧಿಕಾರಿಗಳು ಹಾಗೂ ವಿವಿಧ ಸಂಘಟನೆಗಳ ಮುಖಂಡರು ಉಪಸ್ಥಿತರಿದ್ದರು.

ಕರ್ನಾಟಕ ರಾಜ್ಯೋತ್ಸವ ನಿಮಿತ್ತ ಬೆಂಗಳೂರಿನ ಕೇಂದ್ರ ಬಸವ ಸಮಿತಿಯಿಂದ ಏರ್ಪಡಿಸಿರುವ ಬಸವ ದಿನಗಳ ಲೋಕಾರ್ಪಣೆ ಹಾಗೂ ರಾಜ್ಯಮಟ್ಟದ ಕವಿಗೋಷ್ಠಿ ವಿಶೇಷ ಕಾರ್ಯಕ್ರಮ ನಡೆಯಿತು. ಕರ್ನಾಟಕ ರಾಜ್ಯೋತ್ಸವ ನಿಮಿತ್ತ ಬೆಂಗಳೂರಿನ ಕೇಂದ್ರ ಬಸವ ಸಮಿತಿಯಿಂದ ಏರ್ಪಡಿಸಿರುವ ಬಸವ ದಿನಗಳ ಲೋಕಾರ್ಪಣೆ ಹಾಗೂ ರಾಜ್ಯಮಟ್ಟದ ಕವಿಗೋಷ್ಠಿ ವಿಶೇಷ ಕಾರ್ಯಕ್ರಮ ನಡೆಯಿತು.

ನಾಳೆ ಸಾಂಸ್ಕೃತಿಕ ಸ್ಪರ್ಧೆ ಉದ್ಘಾಟನೆ

ಮಧುಗಿರಿ,ನ.26- ಶಾಲಾ ಶಿಕ್ಷಣ ಇಲಾಖೆ ವತಿಯಿಂದ ನಾಳೆ ತಾಲೂಕು ಮಟ್ಟದ ಸಾಂಸ್ಕೃತಿಕ ಸ್ಪರ್ಧೆಗಳ ಉದ್ಘಾಟನೆ ನಡೆಯಲಿದೆ. ಮುಖ್ಯ ಅತಿಥಿಗಳಾಗಿ ವಿಧಾನ ಪರಿಷತ್ ಸದಸ್ಯರು ಭಾಗವಹಿಸಲಿದ್ದಾರೆ. ನೃತ್ಯ, ಸಂಗೀತ, ನಾಟಕ ಸೇರಿದಂತೆ ವಿವಿಧ ಸ್ಪರ್ಧೆಗಳು ನಡೆಯಲಿವೆ. ವಿಜೇತರಿಗೆ ಬಹುಮಾನ ವಿತರಿಸಲಾಗುವುದು ಎಂದು ಆಯೋಜಕರು ತಿಳಿಸಿದ್ದಾರೆ. ಮಧುಗಿರಿ,ನ.26- ಶಾಲಾ ಶಿಕ್ಷಣ ಇಲಾಖೆ ವತಿಯಿಂದ ನಾಳೆ ತಾಲೂಕು ಮಟ್ಟದ ಸಾಂಸ್ಕೃತಿಕ ಸ್ಪರ್ಧೆಗಳ ಉದ್ಘಾಟನೆ ನಡೆಯಲಿದೆ. ಮುಖ್ಯ ಅತಿಥಿಗಳಾಗಿ ವಿಧಾನ ಪರಿಷತ್ ಸದಸ್ಯರು ಭಾಗವಹಿಸಲಿದ್ದಾರೆ. ನೃತ್ಯ, ಸಂಗೀತ, ನಾಟಕ ಸೇರಿದಂತೆ ವಿವಿಧ ಸ್ಪರ್ಧೆಗಳು ನಡೆಯಲಿವೆ. ವಿಜೇತರಿಗೆ ಬಹುಮಾನ ವಿತರಿಸಲಾಗುವುದು ಎಂದು ಆಯೋಜಕರು ತಿಳಿಸಿದ್ದಾರೆ. ಮಧುಗಿರಿ,ನ.26- ಶಾಲಾ ಶಿಕ್ಷಣ ಇಲಾಖೆ ವತಿಯಿಂದ ನಾಳೆ ತಾಲೂಕು ಮಟ್ಟದ ಸಾಂಸ್ಕೃತಿಕ ಸ್ಪರ್ಧೆಗಳ ಉದ್ಘಾಟನೆ ನಡೆಯಲಿದೆ. ಮುಖ್ಯ ಅತಿಥಿಗಳಾಗಿ ವಿಧಾನ ಪರಿಷತ್ ಸದಸ್ಯರು ಭಾಗವಹಿಸಲಿದ್ದಾರೆ. ನೃತ್ಯ, ಸಂಗೀತ, ನಾಟಕ ಸೇರಿದಂತೆ ವಿವಿಧ ಸ್ಪರ್ಧೆಗಳು ನಡೆಯಲಿವೆ. ವಿಜೇತರಿಗೆ ಬಹುಮಾನ ವಿತರಿಸಲಾಗುವುದು ಎಂದು ಆಯೋಜಕರು ತಿಳಿಸಿದ್ದಾರೆ. ಮಧುಗಿರಿ,ನ.26- ಶಾಲಾ ಶಿಕ್ಷಣ ಇಲಾಖೆ ವತಿಯಿಂದ ನಾಳೆ ತಾಲೂಕು ಮಟ್ಟದ ಸಾಂಸ್ಕೃತಿಕ ಸ್ಪರ್ಧೆಗಳ ಉದ್ಘಾಟನೆ ನಡೆಯಲಿದೆ. ಮುಖ್ಯ ಅತಿಥಿಗಳಾಗಿ ವಿಧಾನ ಪರಿಷತ್ ಸದಸ್ಯರು ಭಾಗವಹಿಸಲಿದ್ದಾರೆ. ನೃತ್ಯ, ಸಂಗೀತ, ನಾಟಕ ಸೇರಿದಂತೆ ವಿವಿಧ ಸ್ಪರ್ಧೆಗಳು ನಡೆಯಲಿವೆ. ವಿಜೇತರಿಗೆ ಬಹುಮಾನ ವಿತರಿಸಲಾಗುವುದು ಎಂದು ಆಯೋಜಕರು ತಿಳಿಸಿದ್ದಾರೆ.

ಅಂಧ ಮಹಿಳಾ ವಿಶ್ವಕಪ್: ಬಿಜೆಪಿ ಅಭಿನಂದನೆ ವಿಜೇತ ತಂಡದಲ್ಲಿ ಜಿಲ್ಲೆಯ ಆಟಗಾರ್ತಿಯರ ಸಾಧನೆ

ತುಮಕೂರು, ನ. 26- ಅಂಧ ಮಹಿಳಾ ಕ್ರಿಕೆಟ್ ವಿಶ್ವಕಪ್‌ನಲ್ಲಿ ಭಾರತ ತಂಡ ಚಾಂಪಿಯನ್ ಆಗಿರುವುದು ಹೆಮ್ಮೆಯ ಸಂಗತಿ ಎಂದು ಬಿಜೆಪಿ ಮುಖಂಡರು ಅಭಿನಂದಿಸಿದ್ದಾರೆ. ವಿಜೇತ ತಂಡದಲ್ಲಿ ಜಿಲ್ಲೆಯ ಆಟಗಾರ್ತಿಯರು ಇರುವುದು ಜಿಲ್ಲೆಗೆ ಹೆಮ್ಮೆ ತಂದಿದೆ ಎಂದರು. ತುಮಕೂರು, ನ. 26- ಅಂಧ ಮಹಿಳಾ ಕ್ರಿಕೆಟ್ ವಿಶ್ವಕಪ್‌ನಲ್ಲಿ ಭಾರತ ತಂಡ ಚಾಂಪಿಯನ್ ಆಗಿರುವುದು ಹೆಮ್ಮೆಯ ಸಂಗತಿ ಎಂದು ಬಿಜೆಪಿ ಮುಖಂಡರು ಅಭಿನಂದಿಸಿದ್ದಾರೆ. ವಿಜೇತ ತಂಡದಲ್ಲಿ ಜಿಲ್ಲೆಯ ಆಟಗಾರ್ತಿಯರು ಇರುವುದು ಜಿಲ್ಲೆಗೆ ಹೆಮ್ಮೆ ತಂದಿದೆ ಎಂದರು.

ಆಟಗಾರ್ತಿಯರಿಗೆ ಸನ್ಮಾನ ಕಾರ್ಯಕ್ರಮ ಏರ್ಪಡಿಸಲಾಗುವುದು ಎಂದು ತಿಳಿಸಿದರು. ಕ್ರೀಡಾ ಕ್ಷೇತ್ರದಲ್ಲಿ ಮಹಿಳೆಯರ ಸಾಧನೆ ಶ್ಲಾಘನೀಯ ಎಂದು ಹೇಳಿದರು. ಆಟಗಾರ್ತಿಯರಿಗೆ ಸನ್ಮಾನ ಕಾರ್ಯಕ್ರಮ ಏರ್ಪಡಿಸಲಾಗುವುದು ಎಂದು ತಿಳಿಸಿದರು. ಕ್ರೀಡಾ ಕ್ಷೇತ್ರದಲ್ಲಿ ಮಹಿಳೆಯರ ಸಾಧನೆ ಶ್ಲಾಘನೀಯ ಎಂದು ಹೇಳಿದರು. ಆಟಗಾರ್ತಿಯರಿಗೆ ಸನ್ಮಾನ ಕಾರ್ಯಕ್ರಮ ಏರ್ಪಡಿಸಲಾಗುವುದು ಎಂದು ತಿಳಿಸಿದರು. ಕ್ರೀಡಾ ಕ್ಷೇತ್ರದಲ್ಲಿ ಮಹಿಳೆಯರ ಸಾಧನೆ ಶ್ಲಾಘನೀಯ ಎಂದು ಹೇಳಿದರು. ಆಟಗಾರ್ತಿಯರಿಗೆ ಸನ್ಮಾನ ಕಾರ್ಯಕ್ರಮ ಏರ್ಪಡಿಸಲಾಗುವುದು ಎಂದು ತಿಳಿಸಿದರು. ಕ್ರೀಡಾ ಕ್ಷೇತ್ರದಲ್ಲಿ ಮಹಿಳೆಯರ ಸಾಧನೆ ಶ್ಲಾಘನೀಯ ಎಂದು ಹೇಳಿದರು.

ಆಟಗಾರ್ತಿಯರಿಗೆ ಸನ್ಮಾನ ಕಾರ್ಯಕ್ರಮ ಏರ್ಪಡಿಸಲಾಗುವುದು ಎಂದು ತಿಳಿಸಿದರು. ಕ್ರೀಡಾ ಕ್ಷೇತ್ರದಲ್ಲಿ ಮಹಿಳೆಯರ ಸಾಧನೆ ಶ್ಲಾಘನೀಯ ಎಂದು ಹೇಳಿದರು. ಆಟಗಾರ್ತಿಯರಿಗೆ ಸನ್ಮಾನ ಕಾರ್ಯಕ್ರಮ ಏರ್ಪಡಿಸಲಾಗುವುದು ಎಂದು ತಿಳಿಸಿದರು. ಕ್ರೀಡಾ ಕ್ಷೇತ್ರದಲ್ಲಿ ಮಹಿಳೆಯರ ಸಾಧನೆ ಶ್ಲಾಘನೀಯ ಎಂದು ಹೇಳಿದರು.

ಸಂಜೆ ವಾಣಿ
ಸಂಜೆವಾಣಿಯನ್ನು ರಾಜ್ಯ ಸುದ್ದಿಗಳಿಗಾಗಿ ನಿಮ್ಮ ಮೊಬೈಲ್‌ನಲ್ಲಿ ಉಚಿತ ಡೌನ್‌ಲೋಡ್ ಮಾಡಿಕೊಳ್ಳಿ ಒಮ್ಮೆ.
▶
GET IT ON
Google Play
Download on the
App Store
ಸಂಜೆವಾಣಿ ವಾಚಕರ ಮಾರ್ಗಕ್ಕೆ ಹೆಚ್ಚಿನ ವಿವರಗಳಿಗೆ ಸಂಪರ್ಕಿಸಿ ಮ್ಯಾನೇಜರ್ ಜಾಹೀರಾತು ವಿಭಾಗ
SANJEVANI
SHOPPERS
GUIDE
Ph: 9449871840
ಓದುಗರ ಗಮನಕ್ಕೆ
ಪ್ರಕಟಣೆ ಹಾಗೂ ಜಾಹೀರಾತುಗಳ ಹೆಚ್ಚಿನ ಮಾಹಿತಿಗಾಗಿ ಸಂಪರ್ಕಿಸಿ
ಸಂಜೆವಾಣಿ ಕಚೇರಿ
94498 71840
ಗೌಡರ ಮುನವಳ್ಳಿ ಕಟ್ಟಡ, ಹುಬ್ಬಳ್ಳಿ
ಸಂಜೆವಾಣಿ ಓದಿರಿ, ಜಾಹೀರಾತು ನೀಡಿರಿ
ವಿಜ್ಞಾನ ವಸ್ತು ಪ್ರದರ್ಶನ
S.T.P.M.B

ಪ್ರಗತಿಗಳಿಗೆ ಬಳಸಿಕೊಳ್ಳಬೇಕು ಎಂದು ಹೇಳಿದರು. ಸ್ಪರ್ಧಾತ್ಮಕ ಯುಗದಲ್ಲಿ ವಿಜ್ಞಾನ ಮತ್ತು ತಂತ್ರಜ್ಞಾನದ ಅರಿವು ವಿದ್ಯಾರ್ಥಿಗಳಿಗೆ ಅಗತ್ಯ ಎಂದರು. ಪ್ರಗತಿಗಳಿಗೆ ಬಳಸಿಕೊಳ್ಳಬೇಕು ಎಂದು ಹೇಳಿದರು. ಸ್ಪರ್ಧಾತ್ಮಕ ಯುಗದಲ್ಲಿ ವಿಜ್ಞಾನ ಮತ್ತು ತಂತ್ರಜ್ಞಾನದ ಅರಿವು ವಿದ್ಯಾರ್ಥಿಗಳಿಗೆ ಅಗತ್ಯ ಎಂದರು. ಪ್ರಗತಿಗಳಿಗೆ ಬಳಸಿಕೊಳ್ಳಬೇಕು ಎಂದು ಹೇಳಿದರು. ಸ್ಪರ್ಧಾತ್ಮಕ ಯುಗದಲ್ಲಿ ವಿಜ್ಞಾನ ಮತ್ತು ತಂತ್ರಜ್ಞಾನದ ಅರಿವು ವಿದ್ಯಾರ್ಥಿಗಳಿಗೆ ಅಗತ್ಯ ಎಂದರು.

ಕರ್ನಾಟಕ ರಾಜ್ಯೋತ್ಸವದ ಅಂಗವಾಗಿ ತಾಲೂಕಿನ ಪ್ರೌಢಶಾಲೆಯಲ್ಲಿ ವಿಜ್ಞಾನ ವಸ್ತು ಪ್ರದರ್ಶನವನ್ನು ಹಮ್ಮಿಕೊಳ್ಳಲಾಗಿತ್ತು. ವಿದ್ಯಾರ್ಥಿಗಳು ತಯಾರಿಸಿದ ವಿವಿಧ ವೈಜ್ಞಾನಿಕ ಮಾದರಿಗಳನ್ನು ವೀಕ್ಷಿಸಿದ ಅತಿಥಿಗಳು ಮೆಚ್ಚುಗೆ ವ್ಯಕ್ತಪಡಿಸಿದರು. ಎಸ್.ಟಿ.ಪಿ.ಎಂ.ಬಿ ಶಾಲೆಯ ವಿದ್ಯಾರ್ಥಿಗಳು ಪ್ರತಿಭಾ ಪ್ರದರ್ಶನ ನೀಡಿದರು. ಶಿಕ್ಷಕರು ಮತ್ತು ಪೋಷಕರು ಹೆಚ್ಚಿನ ಸಂಖ್ಯೆಯಲ್ಲಿ ಭಾಗವಹಿಸಿದ್ದರು. ಕರ್ನಾಟಕ ರಾಜ್ಯೋತ್ಸವದ ಅಂಗವಾಗಿ ತಾಲೂಕಿನ ಪ್ರೌಢಶಾಲೆಯಲ್ಲಿ ವಿಜ್ಞಾನ ವಸ್ತು ಪ್ರದರ್ಶನವನ್ನು ಹಮ್ಮಿಕೊಳ್ಳಲಾಗಿತ್ತು. ವಿದ್ಯಾರ್ಥಿಗಳು ತಯಾರಿಸಿದ ವಿವಿಧ ವೈಜ್ಞಾನಿಕ ಮಾದರಿಗಳನ್ನು ವೀಕ್ಷಿಸಿದ ಅತಿಥಿಗಳು ಮೆಚ್ಚುಗೆ ವ್ಯಕ್ತಪಡಿಸಿದರು. ಎಸ್.ಟಿ.ಪಿ.ಎಂ.ಬಿ ಶಾಲೆಯ ವಿದ್ಯಾರ್ಥಿಗಳು ಪ್ರತಿಭಾ ಪ್ರದರ್ಶನ ನೀಡಿದರು. ಶಿಕ್ಷಕರು ಮತ್ತು ಪೋಷಕರು ಹೆಚ್ಚಿನ ಸಂಖ್ಯೆಯಲ್ಲಿ ಭಾಗವಹಿಸಿದ್ದರು. ಕರ್ನಾಟಕ ರಾಜ್ಯೋತ್ಸವದ ಅಂಗವಾಗಿ ತಾಲೂಕಿನ ಪ್ರೌಢಶಾಲೆಯಲ್ಲಿ ವಿಜ್ಞಾನ ವಸ್ತು ಪ್ರದರ್ಶನವನ್ನು ಹಮ್ಮಿಕೊಳ್ಳಲಾಗಿತ್ತು. ವಿದ್ಯಾರ್ಥಿಗಳು ತಯಾರಿಸಿದ ವಿವಿಧ ವೈಜ್ಞಾನಿಕ ಮಾದರಿಗಳನ್ನು ವೀಕ್ಷಿಸಿದ ಅತಿಥಿಗಳು ಮೆಚ್ಚುಗೆ ವ್ಯಕ್ತಪಡಿಸಿದರು. ಎಸ್.ಟಿ.ಪಿ.ಎಂ.ಬಿ ಶಾಲೆಯ ವಿದ್ಯಾರ್ಥಿಗಳು ಪ್ರತಿಭಾ ಪ್ರದರ್ಶನ ನೀಡಿದರು. ಶಿಕ್ಷಕರು ಮತ್ತು ಪೋಷಕರು ಹೆಚ್ಚಿನ ಸಂಖ್ಯೆಯಲ್ಲಿ ಭಾಗವಹಿಸಿದ್ದರು. ಕರ್ನಾಟಕ ರಾಜ್ಯೋತ್ಸವದ ಅಂಗವಾಗಿ ತಾಲೂಕಿನ ಪ್ರೌಢಶಾಲೆಯಲ್ಲಿ ವಿಜ್ಞಾನ ವಸ್ತು ಪ್ರದರ್ಶನವನ್ನು ಹಮ್ಮಿಕೊಳ್ಳಲಾಗಿತ್ತು. ವಿದ್ಯಾರ್ಥಿಗಳು ತಯಾರಿಸಿದ ವಿವಿಧ ವೈಜ್ಞಾನಿಕ ಮಾದರಿಗಳನ್ನು ವೀಕ್ಷಿಸಿದ ಅತಿಥಿಗಳು ಮೆಚ್ಚುಗೆ ವ್ಯಕ್ತಪಡಿಸಿದರು. ಎಸ್.ಟಿ.ಪಿ.ಎಂ.ಬಿ ಶಾಲೆಯ ವಿದ್ಯಾರ್ಥಿಗಳು ಪ್ರತಿಭಾ ಪ್ರದರ್ಶನ ನೀಡಿದರು. ಶಿಕ್ಷಕರು ಮತ್ತು ಪೋಷಕರು ಹೆಚ್ಚಿನ ಸಂಖ್ಯೆಯಲ್ಲಿ ಭಾಗವಹಿಸಿದ್ದರು. ಕರ್ನಾಟಕ ರಾಜ್ಯೋತ್ಸವದ ಅಂಗವಾಗಿ ತಾಲೂಕಿನ ಪ್ರೌಢಶಾಲೆಯಲ್ಲಿ ವಿಜ್ಞಾನ ವಸ್ತು ಪ್ರದರ್ಶನವನ್ನು ಹಮ್ಮಿಕೊಳ್ಳಲಾಗಿತ್ತು. ವಿದ್ಯಾರ್ಥಿಗಳು ತಯಾರಿಸಿದ ವಿವಿಧ ವೈಜ್ಞಾನಿಕ ಮಾದರಿಗಳನ್ನು ವೀಕ್ಷಿಸಿದ ಅತಿಥಿಗಳು ಮೆಚ್ಚುಗೆ ವ್ಯಕ್ತಪಡಿಸಿದರು. ಎಸ್.ಟಿ.ಪಿ.ಎಂ.ಬಿ ಶಾಲೆಯ ವಿದ್ಯಾರ್ಥಿಗಳು ಪ್ರತಿಭಾ ಪ್ರದರ್ಶನ ನೀಡಿದರು. ಶಿಕ್ಷಕರು ಮತ್ತು ಪೋಷಕರು ಹೆಚ್ಚಿನ ಸಂಖ್ಯೆಯಲ್ಲಿ ಭಾಗವಹಿಸಿದ್ದರು.

ಹೊಸತನಕ್ಕೆ ಹೊಂದಿಕೊಂಡಂತೆ
ಪಠ್ಯ ಬದಲಾಗಬೇಕು

ಆಧುನಿಕ ಜ್ಞಾನ, ವಿಜ್ಞಾನ ಮತ್ತು ತಂತ್ರಜ್ಞಾನದ ಬೆಳವಣಿಗೆಗೆ ತಕ್ಕಂತೆ ಶಿಕ್ಷಣ ಕ್ರಮ ಬದಲಾಗಬೇಕು ಎಂದು ಹೇಳಿದರು. ಆಧುನಿಕ ಜ್ಞಾನ, ವಿಜ್ಞಾನ ಮತ್ತು ತಂತ್ರಜ್ಞಾನದ ಬೆಳವಣಿಗೆಗೆ ತಕ್ಕಂತೆ ಶಿಕ್ಷಣ ಕ್ರಮ ಬದಲಾಗಬೇಕು ಎಂದು ಹೇಳಿದರು. ಆಧುನಿಕ ಜ್ಞಾನ, ವಿಜ್ಞಾನ ಮತ್ತು ತಂತ್ರಜ್ಞಾನದ ಬೆಳವಣಿಗೆಗೆ ತಕ್ಕಂತೆ ಶಿಕ್ಷಣ ಕ್ರಮ ಬದಲಾಗಬೇಕು ಎಂದು ಹೇಳಿದರು. ಆಧುನಿಕ ಜ್ಞಾನ, ವಿಜ್ಞಾನ ಮತ್ತು ತಂತ್ರಜ್ಞಾನದ ಬೆಳವಣಿಗೆಗೆ ತಕ್ಕಂತೆ ಶಿಕ್ಷಣ ಕ್ರಮ ಬದಲಾಗಬೇಕು ಎಂದು ಹೇಳಿದರು.

ತುಮಕೂರು, ನ. 26- ಆಧುನಿಕ ಕಾಲಘಟ್ಟದ ಅಗತ್ಯಗಳಿಗೆ ತಕ್ಕಂತೆ ಪಠ್ಯಕ್ರಮ ಬದಲಾಗಬೇಕು ಎಂದು ವಿದ್ವಾಂಸರು ಅಭಿಪ್ರಾಯಪಟ್ಟರು. ವಿದ್ಯಾರ್ಥಿಗಳಲ್ಲಿ ವೈಜ್ಞಾನಿಕ ಮನೋಭಾವ ಬೆಳೆಸುವ ನಿಟ್ಟಿನಲ್ಲಿ ಶಿಕ್ಷಕರ ಪಾತ್ರ ಮಹತ್ವದ್ದು ಎಂದರು. ಕಾರ್ಯಕ್ರಮದಲ್ಲಿ ಶಿಕ್ಷಣ ತಜ್ಞರು, ಉಪನ್ಯಾಸಕರು ಹಾಗೂ ವಿದ್ಯಾರ್ಥಿಗಳು ಭಾಗವಹಿಸಿದ್ದರು. ಹೊಸ ಶಿಕ್ಷಣ ನೀತಿಯ ಆಶಯಗಳ ಕುರಿತು ವಿಚಾರ ಸಂಕಿರಣ ನಡೆಯಿತು. ತುಮಕೂರು, ನ. 26- ಆಧುನಿಕ ಕಾಲಘಟ್ಟದ ಅಗತ್ಯಗಳಿಗೆ ತಕ್ಕಂತೆ ಪಠ್ಯಕ್ರಮ ಬದಲಾಗಬೇಕು ಎಂದು ವಿದ್ವಾಂಸರು ಅಭಿಪ್ರಾಯಪಟ್ಟರು. ವಿದ್ಯಾರ್ಥಿಗಳಲ್ಲಿ ವೈಜ್ಞಾನಿಕ ಮನೋಭಾವ ಬೆಳೆಸುವ ನಿಟ್ಟಿನಲ್ಲಿ ಶಿಕ್ಷಕರ ಪಾತ್ರ ಮಹತ್ವದ್ದು ಎಂದರು. ಕಾರ್ಯಕ್ರಮದಲ್ಲಿ ಶಿಕ್ಷಣ ತಜ್ಞರು, ಉಪನ್ಯಾಸಕರು ಹಾಗೂ ವಿದ್ಯಾರ್ಥಿಗಳು ಭಾಗವಹಿಸಿದ್ದರು. ಹೊಸ ಶಿಕ್ಷಣ ನೀತಿಯ ಆಶಯಗಳ ಕುರಿತು ವಿಚಾರ ಸಂಕಿರಣ ನಡೆಯಿತು. ತುಮಕೂರು, ನ. 26- ಆಧುನಿಕ ಕಾಲಘಟ್ಟದ ಅಗತ್ಯಗಳಿಗೆ ತಕ್ಕಂತೆ ಪಠ್ಯಕ್ರಮ ಬದಲಾಗಬೇಕು ಎಂದು ವಿದ್ವಾಂಸರು ಅಭಿಪ್ರಾಯಪಟ್ಟರು. ವಿದ್ಯಾರ್ಥಿಗಳಲ್ಲಿ ವೈಜ್ಞಾನಿಕ ಮನೋಭಾವ ಬೆಳೆಸುವ ನಿಟ್ಟಿನಲ್ಲಿ ಶಿಕ್ಷಕರ ಪಾತ್ರ ಮಹತ್ವದ್ದು ಎಂದರು. ಕಾರ್ಯಕ್ರಮದಲ್ಲಿ ಶಿಕ್ಷಣ ತಜ್ಞರು, ಉಪನ್ಯಾಸಕರು ಹಾಗೂ ವಿದ್ಯಾರ್ಥಿಗಳು ಭಾಗವಹಿಸಿದ್ದರು. ಹೊಸ ಶಿಕ್ಷಣ ನೀತಿಯ ಆಶಯಗಳ ಕುರಿತು ವಿಚಾರ ಸಂಕಿರಣ ನಡೆಯಿತು. ತುಮಕೂರು, ನ. 26- ಆಧುನಿಕ ಕಾಲಘಟ್ಟದ ಅಗತ್ಯಗಳಿಗೆ ತಕ್ಕಂತೆ ಪಠ್ಯಕ್ರಮ ಬದಲಾಗಬೇಕು ಎಂದು ವಿದ್ವಾಂಸರು ಅಭಿಪ್ರಾಯಪಟ್ಟರು. ವಿದ್ಯಾರ್ಥಿಗಳಲ್ಲಿ ವೈಜ್ಞಾನಿಕ ಮನೋಭಾವ ಬೆಳೆಸುವ ನಿಟ್ಟಿನಲ್ಲಿ ಶಿಕ್ಷಕರ ಪಾತ್ರ ಮಹತ್ವದ್ದು ಎಂದರು. ಕಾರ್ಯಕ್ರಮದಲ್ಲಿ ಶಿಕ್ಷಣ ತಜ್ಞರು, ಉಪನ್ಯಾಸಕರು ಹಾಗೂ ವಿದ್ಯಾರ್ಥಿಗಳು ಭಾಗವಹಿಸಿದ್ದರು. ಹೊಸ ಶಿಕ್ಷಣ ನೀತಿಯ ಆಶಯಗಳ ಕುರಿತು ವಿಚಾರ ಸಂಕಿರಣ ನಡೆಯಿತು. ತುಮಕೂರು, ನ. 26- ಆಧುನಿಕ ಕಾಲಘಟ್ಟದ ಅಗತ್ಯಗಳಿಗೆ ತಕ್ಕಂತೆ ಪಠ್ಯಕ್ರಮ ಬದಲಾಗಬೇಕು ಎಂದು ವಿದ್ವಾಂಸರು ಅಭಿಪ್ರಾಯಪಟ್ಟರು. ವಿದ್ಯಾರ್ಥಿಗಳಲ್ಲಿ ವೈಜ್ಞಾನಿಕ ಮನೋಭಾವ ಬೆಳೆಸುವ ನಿಟ್ಟಿನಲ್ಲಿ ಶಿಕ್ಷಕರ ಪಾತ್ರ ಮಹತ್ವದ್ದು ಎಂದರು. ಕಾರ್ಯಕ್ರಮದಲ್ಲಿ ಶಿಕ್ಷಣ ತಜ್ಞರು, ಉಪನ್ಯಾಸಕರು ಹಾಗೂ ವಿದ್ಯಾರ್ಥಿಗಳು ಭಾಗವಹಿಸಿದ್ದರು. ಹೊಸ ಶಿಕ್ಷಣ ನೀತಿಯ ಆಶಯಗಳ ಕುರಿತು ವಿಚಾರ ಸಂಕಿರಣ ನಡೆಯಿತು. ತುಮಕೂರು, ನ. 26- ಆಧುನಿಕ ಕಾಲಘಟ್ಟದ ಅಗತ್ಯಗಳಿಗೆ ತಕ್ಕಂತೆ ಪಠ್ಯಕ್ರಮ ಬದಲಾಗಬೇಕು ಎಂದು ವಿದ್ವಾಂಸರು ಅಭಿಪ್ರಾಯಪಟ್ಟರು. ವಿದ್ಯಾರ್ಥಿಗಳಲ್ಲಿ ವೈಜ್ಞಾನಿಕ ಮನೋಭಾವ ಬೆಳೆಸುವ ನಿಟ್ಟಿನಲ್ಲಿ ಶಿಕ್ಷಕರ ಪಾತ್ರ ಮಹತ್ವದ್ದು ಎಂದರು. ಕಾರ್ಯಕ್ರಮದಲ್ಲಿ ಶಿಕ್ಷಣ ತಜ್ಞರು, ಉಪನ್ಯಾಸಕರು ಹಾಗೂ ವಿದ್ಯಾರ್ಥಿಗಳು ಭಾಗವಹಿಸಿದ್ದರು. ಹೊಸ ಶಿಕ್ಷಣ ನೀತಿಯ ಆಶಯಗಳ ಕುರಿತು ವಿಚಾರ ಸಂಕಿರಣ ನಡೆಯಿತು.

Edited, Printed and Published by B.T. Amuthan, M.A. for M/s Karnataka News Publications (P) Limited at M/s Elegant Offset Printers Pvt, Ltd., M.T. Sagar Industrial Estate, Near Tatwadarsh Hospital, HUBBALLI-580 030. RNI No. 50370/89
